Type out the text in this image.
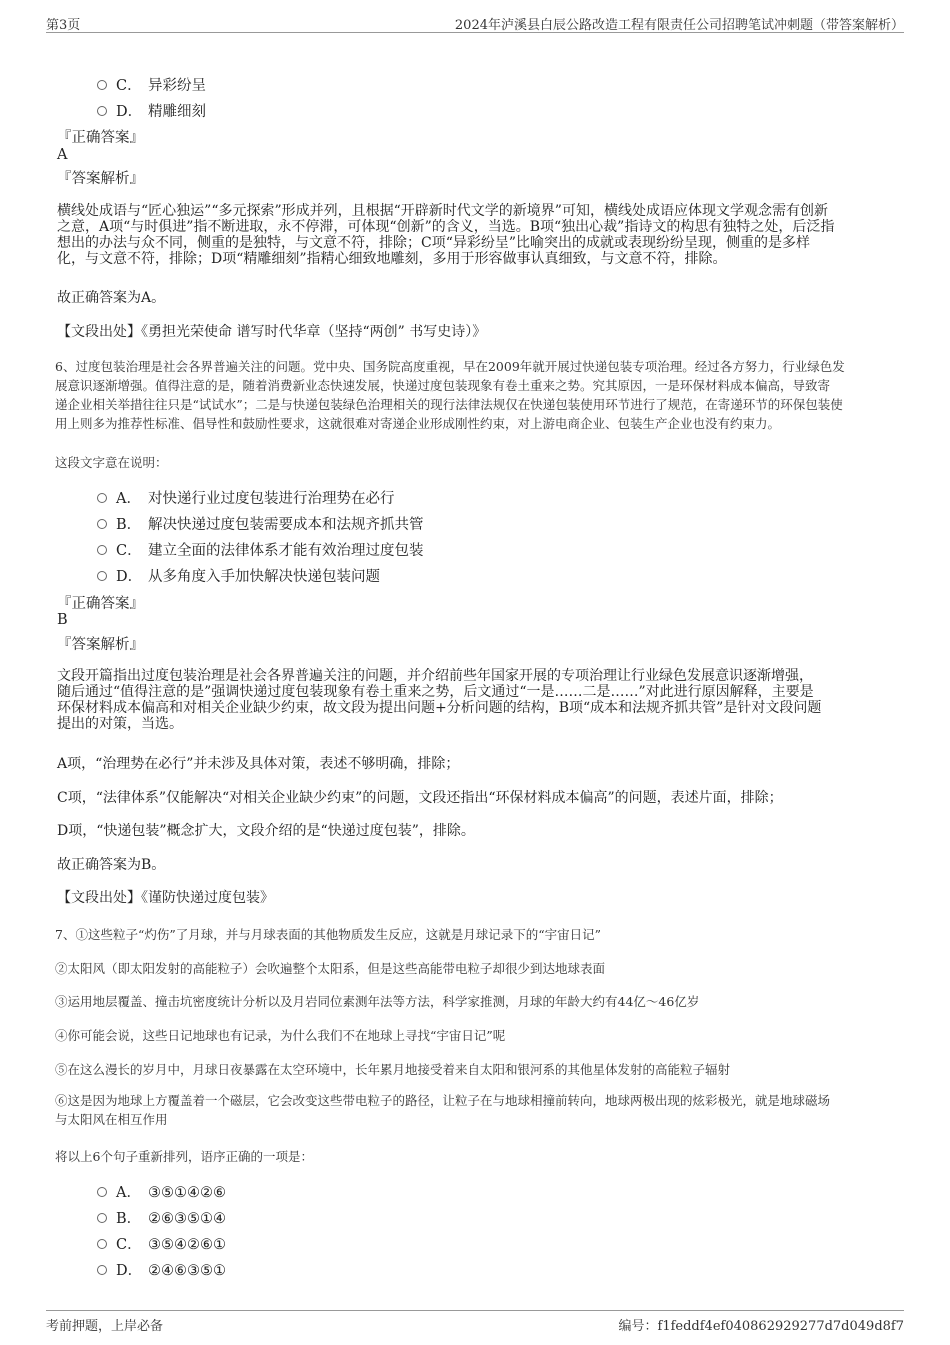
第3页	2024年泸溪县白辰公路改造工程有限责任公司招聘笔试冲刺题（带答案解析）
C． 异彩纷呈
D． 精雕细刻
『正确答案』
A
『答案解析』
横线处成语与“匠心独运”“多元探索”形成并列，且根据“开辟新时代文学的新境界”可知，横线处成语应体现文学观念需有创新
之意，A项“与时俱进”指不断进取，永不停滞，可体现“创新”的含义，当选。B项“独出心裁”指诗文的构思有独特之处，后泛指
想出的办法与众不同，侧重的是独特，与文意不符，排除；C项“异彩纷呈”比喻突出的成就或表现纷纷呈现，侧重的是多样
化，与文意不符，排除；D项“精雕细刻”指精心细致地雕刻，多用于形容做事认真细致，与文意不符，排除。
故正确答案为A。
【文段出处】《勇担光荣使命 谱写时代华章（坚持“两创” 书写史诗）》
6、过度包装治理是社会各界普遍关注的问题。党中央、国务院高度重视，早在2009年就开展过快递包装专项治理。经过各方努力，行业绿色发
展意识逐渐增强。值得注意的是，随着消费新业态快速发展，快递过度包装现象有卷土重来之势。究其原因，一是环保材料成本偏高，导致寄
递企业相关举措往往只是“试试水”；二是与快递包装绿色治理相关的现行法律法规仅在快递包装使用环节进行了规范，在寄递环节的环保包装使
用上则多为推荐性标准、倡导性和鼓励性要求，这就很难对寄递企业形成刚性约束，对上游电商企业、包装生产企业也没有约束力。
这段文字意在说明：
A． 对快递行业过度包装进行治理势在必行
B． 解决快递过度包装需要成本和法规齐抓共管
C． 建立全面的法律体系才能有效治理过度包装
D． 从多角度入手加快解决快递包装问题
『正确答案』
B
『答案解析』
文段开篇指出过度包装治理是社会各界普遍关注的问题，并介绍前些年国家开展的专项治理让行业绿色发展意识逐渐增强，
随后通过“值得注意的是”强调快递过度包装现象有卷土重来之势，后文通过“一是……二是……”对此进行原因解释，主要是
环保材料成本偏高和对相关企业缺少约束，故文段为提出问题+分析问题的结构，B项“成本和法规齐抓共管”是针对文段问题
提出的对策，当选。
A项，“治理势在必行”并未涉及具体对策，表述不够明确，排除；
C项，“法律体系”仅能解决“对相关企业缺少约束”的问题，文段还指出“环保材料成本偏高”的问题，表述片面，排除；
D项，“快递包装”概念扩大，文段介绍的是“快递过度包装”，排除。
故正确答案为B。
【文段出处】《谨防快递过度包装》
7、①这些粒子“灼伤”了月球，并与月球表面的其他物质发生反应，这就是月球记录下的“宇宙日记”
②太阳风（即太阳发射的高能粒子）会吹遍整个太阳系，但是这些高能带电粒子却很少到达地球表面
③运用地层覆盖、撞击坑密度统计分析以及月岩同位素测年法等方法，科学家推测，月球的年龄大约有44亿～46亿岁
④你可能会说，这些日记地球也有记录，为什么我们不在地球上寻找“宇宙日记”呢
⑤在这么漫长的岁月中，月球日夜暴露在太空环境中，长年累月地接受着来自太阳和银河系的其他星体发射的高能粒子辐射
⑥这是因为地球上方覆盖着一个磁层，它会改变这些带电粒子的路径，让粒子在与地球相撞前转向，地球两极出现的炫彩极光，就是地球磁场
与太阳风在相互作用
将以上6个句子重新排列，语序正确的一项是：
A． ③⑤①④②⑥
B． ②⑥③⑤①④
C． ③⑤④②⑥①
D． ②④⑥③⑤①
考前押题，上岸必备	编号：f1feddf4ef040862929277d7d049d8f7
